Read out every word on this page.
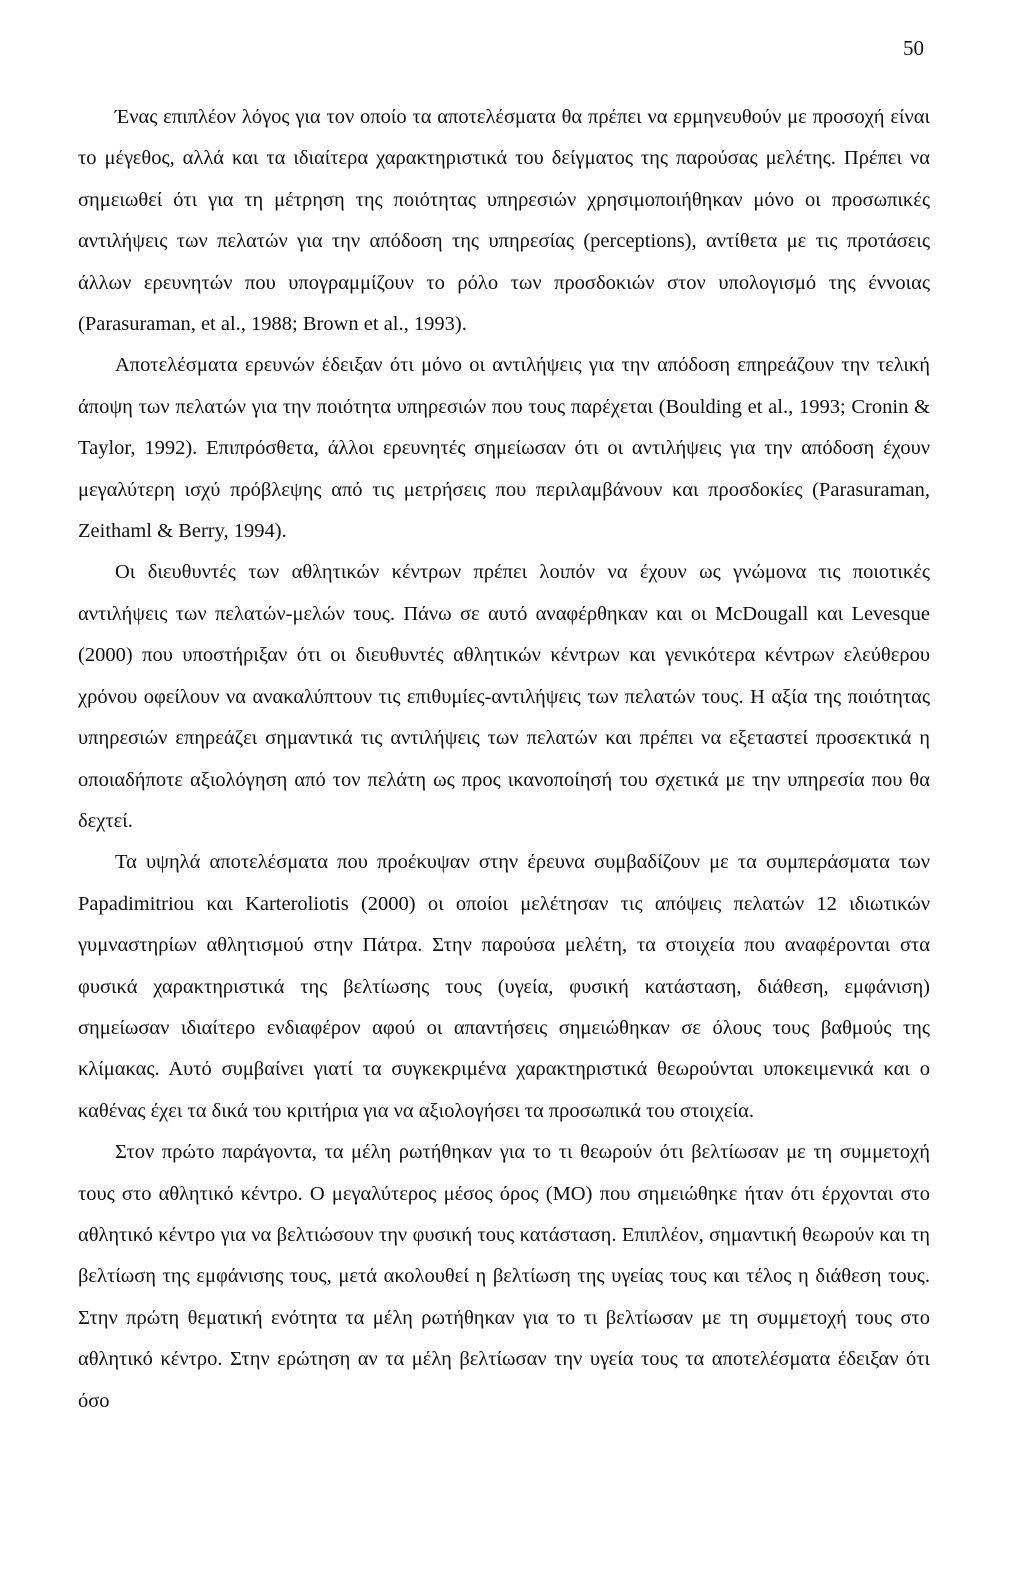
50

Ένας επιπλέον λόγος για τον οποίο τα αποτελέσματα θα πρέπει να ερμηνευθούν με προσοχή είναι το μέγεθος, αλλά και τα ιδιαίτερα χαρακτηριστικά του δείγματος της παρούσας μελέτης. Πρέπει να σημειωθεί ότι για τη μέτρηση της ποιότητας υπηρεσιών χρησιμοποιήθηκαν μόνο οι προσωπικές αντιλήψεις των πελατών για την απόδοση της υπηρεσίας (perceptions), αντίθετα με τις προτάσεις άλλων ερευνητών που υπογραμμίζουν το ρόλο των προσδοκιών στον υπολογισμό της έννοιας (Parasuraman, et al., 1988; Brown et al., 1993).

Αποτελέσματα ερευνών έδειξαν ότι μόνο οι αντιλήψεις για την απόδοση επηρεάζουν την τελική άποψη των πελατών για την ποιότητα υπηρεσιών που τους παρέχεται (Boulding et al., 1993; Cronin & Taylor, 1992). Επιπρόσθετα, άλλοι ερευνητές σημείωσαν ότι οι αντιλήψεις για την απόδοση έχουν μεγαλύτερη ισχύ πρόβλεψης από τις μετρήσεις που περιλαμβάνουν και προσδοκίες (Parasuraman, Zeithaml & Berry, 1994).

Οι διευθυντές των αθλητικών κέντρων πρέπει λοιπόν να έχουν ως γνώμονα τις ποιοτικές αντιλήψεις των πελατών-μελών τους. Πάνω σε αυτό αναφέρθηκαν και οι McDougall και Levesque (2000) που υποστήριξαν ότι οι διευθυντές αθλητικών κέντρων και γενικότερα κέντρων ελεύθερου χρόνου οφείλουν να ανακαλύπτουν τις επιθυμίες-αντιλήψεις των πελατών τους. Η αξία της ποιότητας υπηρεσιών επηρεάζει σημαντικά τις αντιλήψεις των πελατών και πρέπει να εξεταστεί προσεκτικά η οποιαδήποτε αξιολόγηση από τον πελάτη ως προς ικανοποίησή του σχετικά με την υπηρεσία που θα δεχτεί.

Τα υψηλά αποτελέσματα που προέκυψαν στην έρευνα συμβαδίζουν με τα συμπεράσματα των Papadimitriou και Karteroliotis (2000) οι οποίοι μελέτησαν τις απόψεις πελατών 12 ιδιωτικών γυμναστηρίων αθλητισμού στην Πάτρα. Στην παρούσα μελέτη, τα στοιχεία που αναφέρονται στα φυσικά χαρακτηριστικά της βελτίωσης τους (υγεία, φυσική κατάσταση, διάθεση, εμφάνιση) σημείωσαν ιδιαίτερο ενδιαφέρον αφού οι απαντήσεις σημειώθηκαν σε όλους τους βαθμούς της κλίμακας. Αυτό συμβαίνει γιατί τα συγκεκριμένα χαρακτηριστικά θεωρούνται υποκειμενικά και ο καθένας έχει τα δικά του κριτήρια για να αξιολογήσει τα προσωπικά του στοιχεία.

Στον πρώτο παράγοντα, τα μέλη ρωτήθηκαν για το τι θεωρούν ότι βελτίωσαν με τη συμμετοχή τους στο αθλητικό κέντρο. Ο μεγαλύτερος μέσος όρος (ΜΟ) που σημειώθηκε ήταν ότι έρχονται στο αθλητικό κέντρο για να βελτιώσουν την φυσική τους κατάσταση. Επιπλέον, σημαντική θεωρούν και τη βελτίωση της εμφάνισης τους, μετά ακολουθεί η βελτίωση της υγείας τους και τέλος η διάθεση τους. Στην πρώτη θεματική ενότητα τα μέλη ρωτήθηκαν για το τι βελτίωσαν με τη συμμετοχή τους στο αθλητικό κέντρο. Στην ερώτηση αν τα μέλη βελτίωσαν την υγεία τους τα αποτελέσματα έδειξαν ότι όσο
